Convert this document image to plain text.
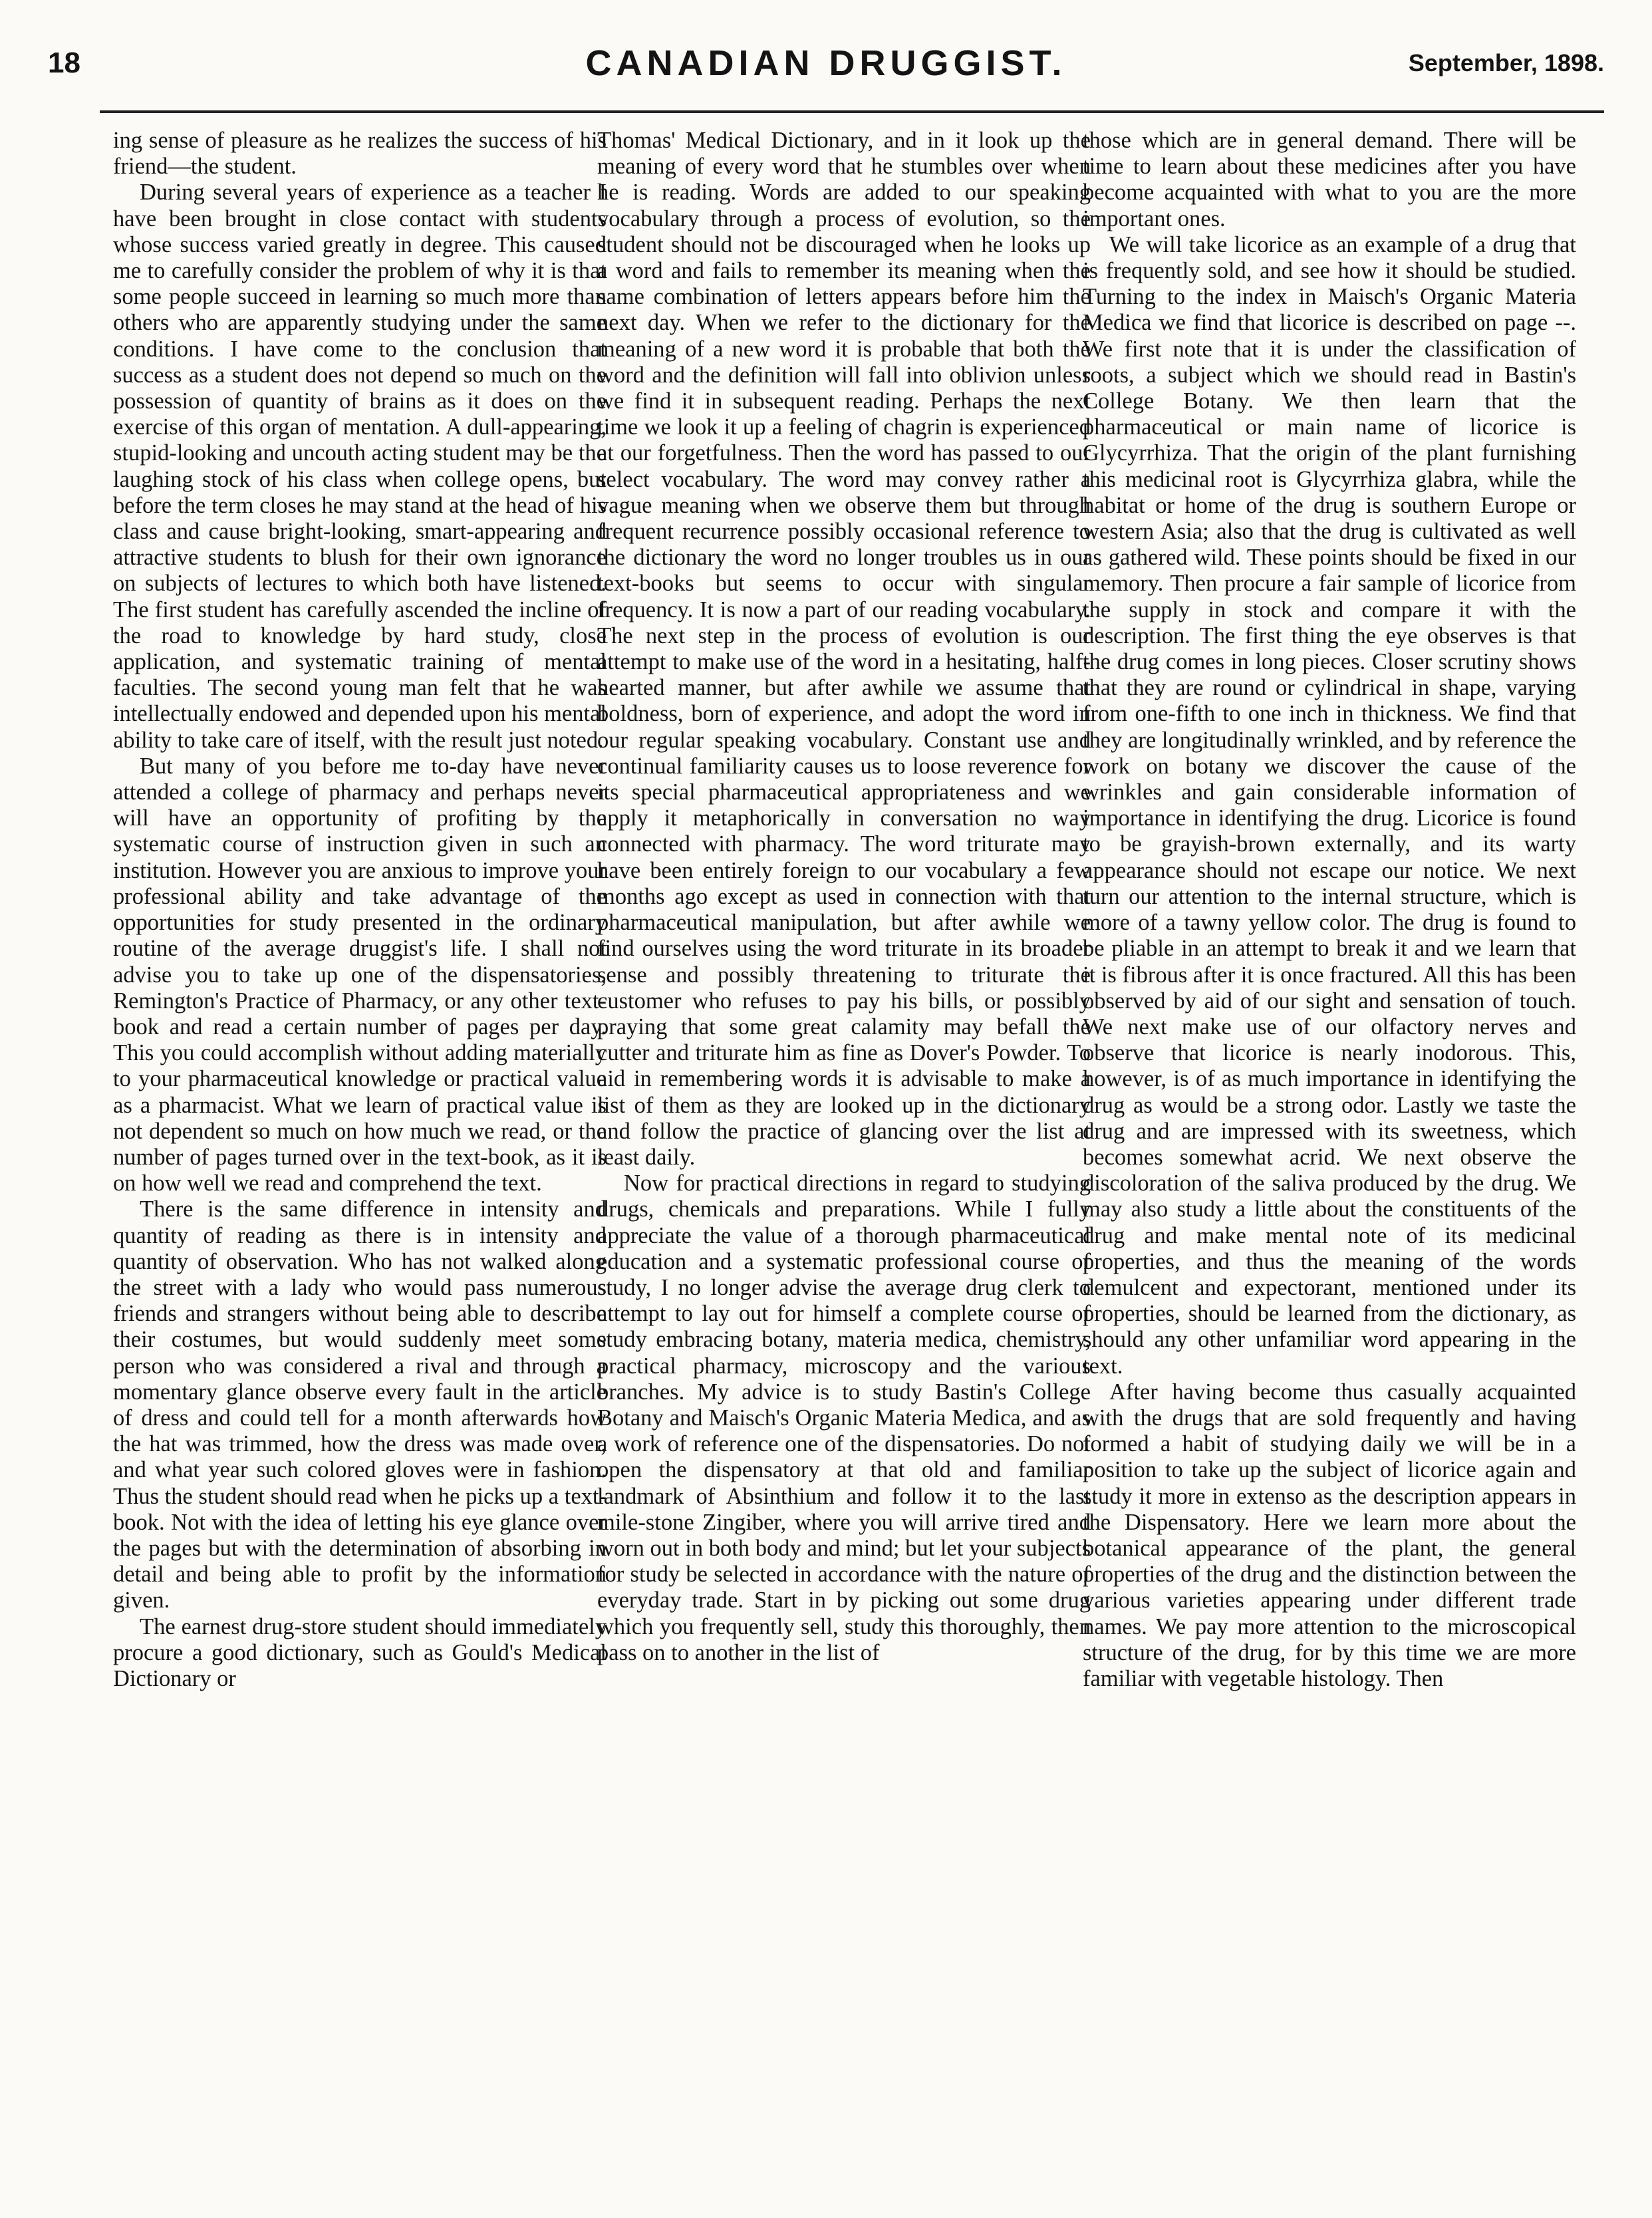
18	CANADIAN DRUGGIST.	September, 1898.

ing sense of pleasure as he realizes the success of his friend—the student.

During several years of experience as a teacher I have been brought in close contact with students whose success varied greatly in degree. This caused me to carefully consider the problem of why it is that some people succeed in learning so much more than others who are apparently studying under the same conditions. I have come to the conclusion that success as a student does not depend so much on the possession of quantity of brains as it does on the exercise of this organ of mentation. A dull-appearing, stupid-looking and uncouth acting student may be the laughing stock of his class when college opens, but before the term closes he may stand at the head of his class and cause bright-looking, smart-appearing and attractive students to blush for their own ignorance on subjects of lectures to which both have listened. The first student has carefully ascended the incline of the road to knowledge by hard study, close application, and systematic training of mental faculties. The second young man felt that he was intellectually endowed and depended upon his mental ability to take care of itself, with the result just noted.

But many of you before me to-day have never attended a college of pharmacy and perhaps never will have an opportunity of profiting by the systematic course of instruction given in such an institution. However you are anxious to improve your professional ability and take advantage of the opportunities for study presented in the ordinary routine of the average druggist's life. I shall not advise you to take up one of the dispensatories, Remington's Practice of Pharmacy, or any other text-book and read a certain number of pages per day. This you could accomplish without adding materially to your pharmaceutical knowledge or practical value as a pharmacist. What we learn of practical value is not dependent so much on how much we read, or the number of pages turned over in the text-book, as it is on how well we read and comprehend the text.

There is the same difference in intensity and quantity of reading as there is in intensity and quantity of observation. Who has not walked along the street with a lady who would pass numerous friends and strangers without being able to describe their costumes, but would suddenly meet some person who was considered a rival and through a momentary glance observe every fault in the article of dress and could tell for a month afterwards how the hat was trimmed, how the dress was made over, and what year such colored gloves were in fashion. Thus the student should read when he picks up a text-book. Not with the idea of letting his eye glance over the pages but with the determination of absorbing in detail and being able to profit by the information given.

The earnest drug-store student should immediately procure a good dictionary, such as Gould's Medical Dictionary or

Thomas' Medical Dictionary, and in it look up the meaning of every word that he stumbles over when he is reading. Words are added to our speaking vocabulary through a process of evolution, so the student should not be discouraged when he looks up a word and fails to remember its meaning when the same combination of letters appears before him the next day. When we refer to the dictionary for the meaning of a new word it is probable that both the word and the definition will fall into oblivion unless we find it in subsequent reading. Perhaps the next time we look it up a feeling of chagrin is experienced at our forgetfulness. Then the word has passed to our select vocabulary. The word may convey rather a vague meaning when we observe them but through frequent recurrence possibly occasional reference to the dictionary the word no longer troubles us in our text-books but seems to occur with singular frequency. It is now a part of our reading vocabulary. The next step in the process of evolution is our attempt to make use of the word in a hesitating, half-hearted manner, but after awhile we assume that boldness, born of experience, and adopt the word in our regular speaking vocabulary. Constant use and continual familiarity causes us to loose reverence for its special pharmaceutical appropriateness and we apply it metaphorically in conversation no way connected with pharmacy. The word triturate may have been entirely foreign to our vocabulary a few months ago except as used in connection with that pharmaceutical manipulation, but after awhile we find ourselves using the word triturate in its broader sense and possibly threatening to triturate the customer who refuses to pay his bills, or possibly praying that some great calamity may befall the cutter and triturate him as fine as Dover's Powder. To aid in remembering words it is advisable to make a list of them as they are looked up in the dictionary and follow the practice of glancing over the list at least daily.

Now for practical directions in regard to studying drugs, chemicals and preparations. While I fully appreciate the value of a thorough pharmaceutical education and a systematic professional course of study, I no longer advise the average drug clerk to attempt to lay out for himself a complete course of study embracing botany, materia medica, chemistry, practical pharmacy, microscopy and the various branches. My advice is to study Bastin's College Botany and Maisch's Organic Materia Medica, and as a work of reference one of the dispensatories. Do not open the dispensatory at that old and familiar landmark of Absinthium and follow it to the last mile-stone Zingiber, where you will arrive tired and worn out in both body and mind; but let your subjects for study be selected in accordance with the nature of everyday trade. Start in by picking out some drug which you frequently sell, study this thoroughly, then pass on to another in the list of

those which are in general demand. There will be time to learn about these medicines after you have become acquainted with what to you are the more important ones.

We will take licorice as an example of a drug that is frequently sold, and see how it should be studied. Turning to the index in Maisch's Organic Materia Medica we find that licorice is described on page --. We first note that it is under the classification of roots, a subject which we should read in Bastin's College Botany. We then learn that the pharmaceutical or main name of licorice is Glycyrrhiza. That the origin of the plant furnishing this medicinal root is Glycyrrhiza glabra, while the habitat or home of the drug is southern Europe or western Asia; also that the drug is cultivated as well as gathered wild. These points should be fixed in our memory. Then procure a fair sample of licorice from the supply in stock and compare it with the description. The first thing the eye observes is that the drug comes in long pieces. Closer scrutiny shows that they are round or cylindrical in shape, varying from one-fifth to one inch in thickness. We find that they are longitudinally wrinkled, and by reference the work on botany we discover the cause of the wrinkles and gain considerable information of importance in identifying the drug. Licorice is found to be grayish-brown externally, and its warty appearance should not escape our notice. We next turn our attention to the internal structure, which is more of a tawny yellow color. The drug is found to be pliable in an attempt to break it and we learn that it is fibrous after it is once fractured. All this has been observed by aid of our sight and sensation of touch. We next make use of our olfactory nerves and observe that licorice is nearly inodorous. This, however, is of as much importance in identifying the drug as would be a strong odor. Lastly we taste the drug and are impressed with its sweetness, which becomes somewhat acrid. We next observe the discoloration of the saliva produced by the drug. We may also study a little about the constituents of the drug and make mental note of its medicinal properties, and thus the meaning of the words demulcent and expectorant, mentioned under its properties, should be learned from the dictionary, as should any other unfamiliar word appearing in the text.

After having become thus casually acquainted with the drugs that are sold frequently and having formed a habit of studying daily we will be in a position to take up the subject of licorice again and study it more in extenso as the description appears in the Dispensatory. Here we learn more about the botanical appearance of the plant, the general properties of the drug and the distinction between the various varieties appearing under different trade names. We pay more attention to the microscopical structure of the drug, for by this time we are more familiar with vegetable histology. Then
